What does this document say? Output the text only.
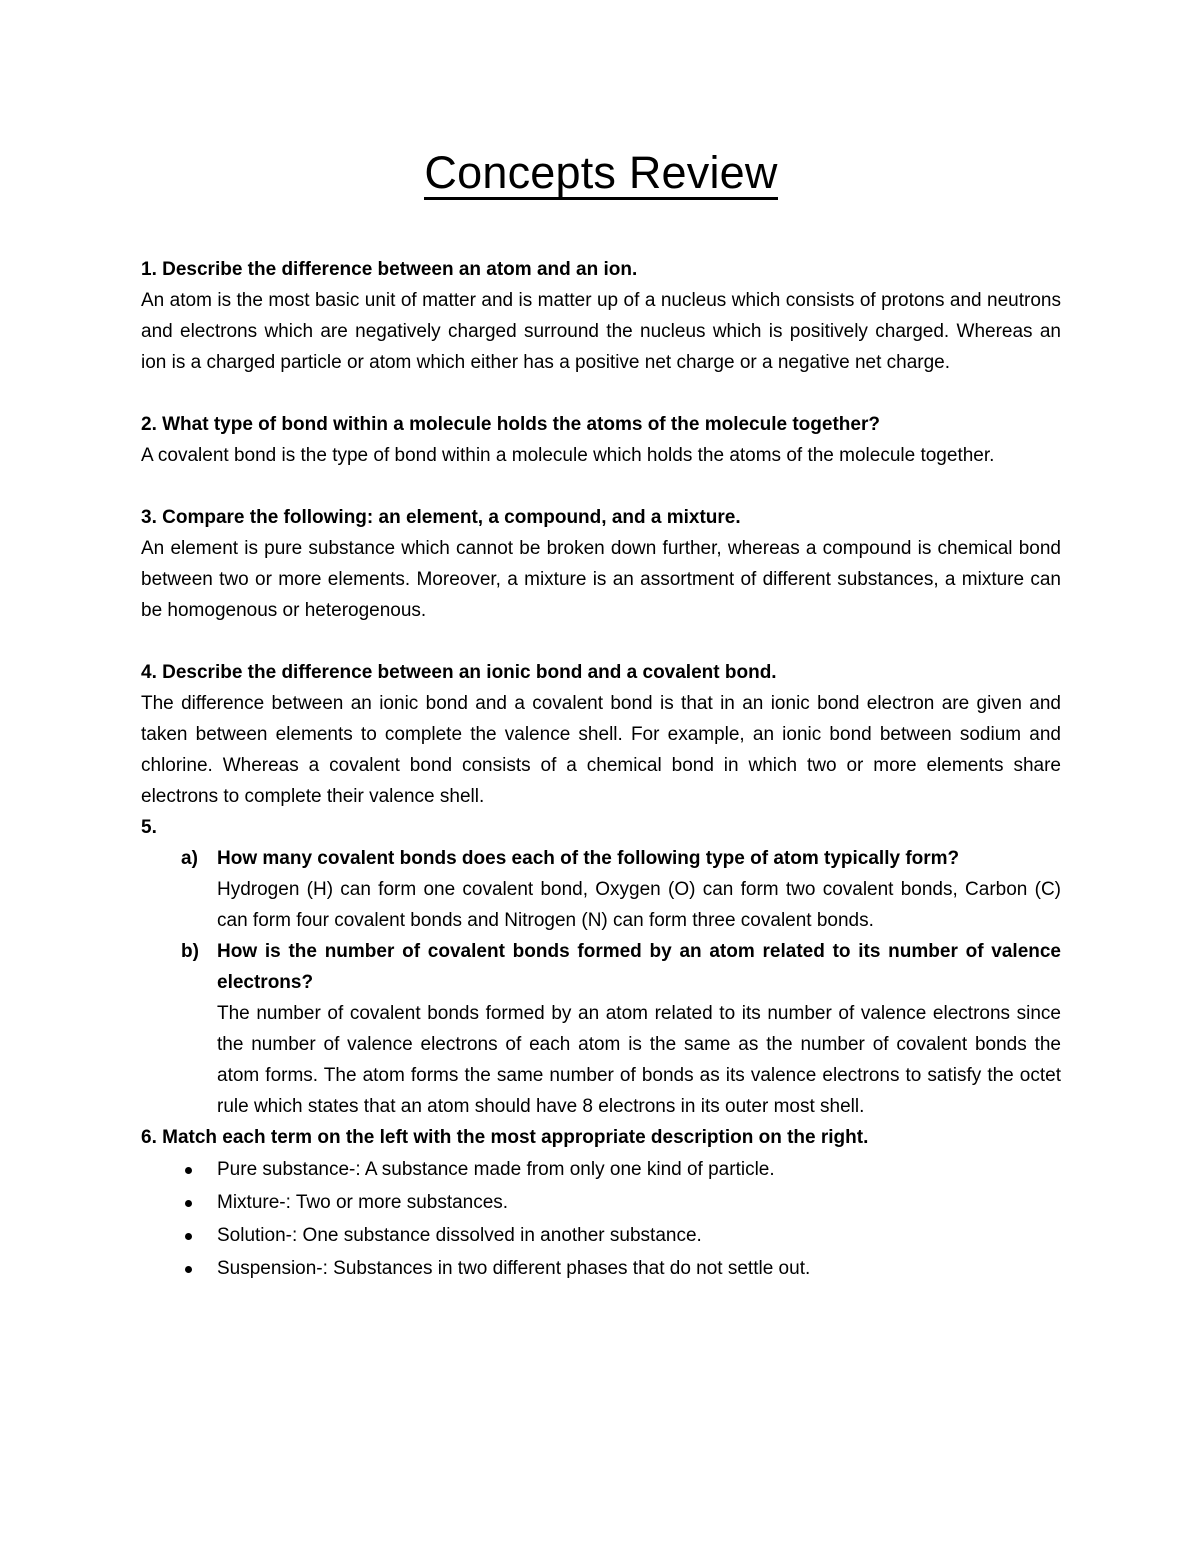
Concepts Review

1. Describe the difference between an atom and an ion.

An atom is the most basic unit of matter and is matter up of a nucleus which consists of protons and neutrons and electrons which are negatively charged surround the nucleus which is positively charged. Whereas an ion is a charged particle or atom which either has a positive net charge or a negative net charge.

2. What type of bond within a molecule holds the atoms of the molecule together?

A covalent bond is the type of bond within a molecule which holds the atoms of the molecule together.

3. Compare the following: an element, a compound, and a mixture.

An element is pure substance which cannot be broken down further, whereas a compound is chemical bond between two or more elements. Moreover, a mixture is an assortment of different substances, a mixture can be homogenous or heterogenous.

4. Describe the difference between an ionic bond and a covalent bond.

The difference between an ionic bond and a covalent bond is that in an ionic bond electron are given and taken between elements to complete the valence shell. For example, an ionic bond between sodium and chlorine. Whereas a covalent bond consists of a chemical bond in which two or more elements share electrons to complete their valence shell.

5.

a) How many covalent bonds does each of the following type of atom typically form?
Hydrogen (H) can form one covalent bond, Oxygen (O) can form two covalent bonds, Carbon (C) can form four covalent bonds and Nitrogen (N) can form three covalent bonds.
b) How is the number of covalent bonds formed by an atom related to its number of valence electrons?
The number of covalent bonds formed by an atom related to its number of valence electrons since the number of valence electrons of each atom is the same as the number of covalent bonds the atom forms. The atom forms the same number of bonds as its valence electrons to satisfy the octet rule which states that an atom should have 8 electrons in its outer most shell.

6. Match each term on the left with the most appropriate description on the right.

Pure substance-: A substance made from only one kind of particle.
Mixture-: Two or more substances.
Solution-: One substance dissolved in another substance.
Suspension-: Substances in two different phases that do not settle out.
